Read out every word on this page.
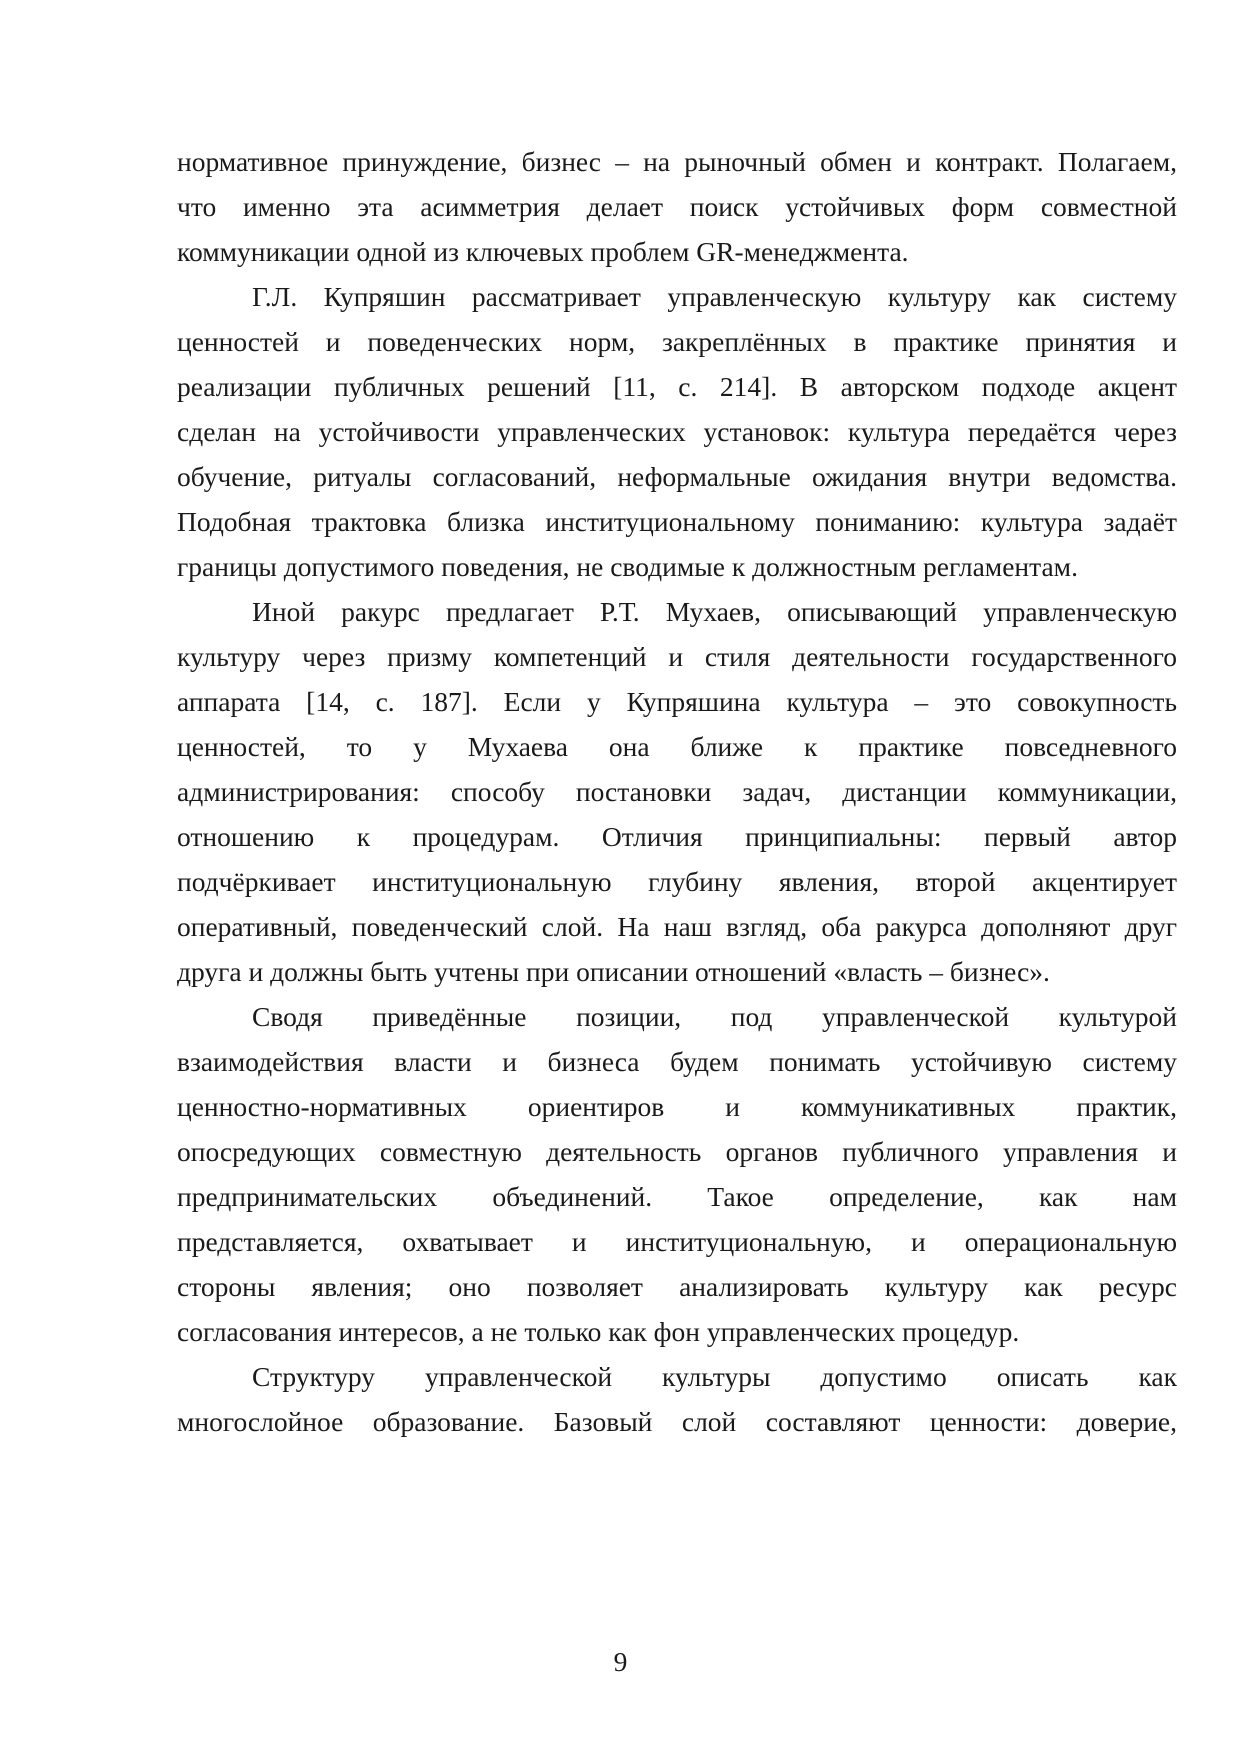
нормативное принуждение, бизнес – на рыночный обмен и контракт. Полагаем,
что именно эта асимметрия делает поиск устойчивых форм совместной
коммуникации одной из ключевых проблем GR-менеджмента.
Г.Л. Купряшин рассматривает управленческую культуру как систему
ценностей и поведенческих норм, закреплённых в практике принятия и
реализации публичных решений [11, с. 214]. В авторском подходе акцент
сделан на устойчивости управленческих установок: культура передаётся через
обучение, ритуалы согласований, неформальные ожидания внутри ведомства.
Подобная трактовка близка институциональному пониманию: культура задаёт
границы допустимого поведения, не сводимые к должностным регламентам.
Иной ракурс предлагает Р.Т. Мухаев, описывающий управленческую
культуру через призму компетенций и стиля деятельности государственного
аппарата [14, с. 187]. Если у Купряшина культура – это совокупность
ценностей, то у Мухаева она ближе к практике повседневного
администрирования: способу постановки задач, дистанции коммуникации,
отношению к процедурам. Отличия принципиальны: первый автор
подчёркивает институциональную глубину явления, второй акцентирует
оперативный, поведенческий слой. На наш взгляд, оба ракурса дополняют друг
друга и должны быть учтены при описании отношений «власть – бизнес».
Сводя приведённые позиции, под управленческой культурой
взаимодействия власти и бизнеса будем понимать устойчивую систему
ценностно-нормативных ориентиров и коммуникативных практик,
опосредующих совместную деятельность органов публичного управления и
предпринимательских объединений. Такое определение, как нам
представляется, охватывает и институциональную, и операциональную
стороны явления; оно позволяет анализировать культуру как ресурс
согласования интересов, а не только как фон управленческих процедур.
Структуру управленческой культуры допустимо описать как
многослойное образование. Базовый слой составляют ценности: доверие,
9
